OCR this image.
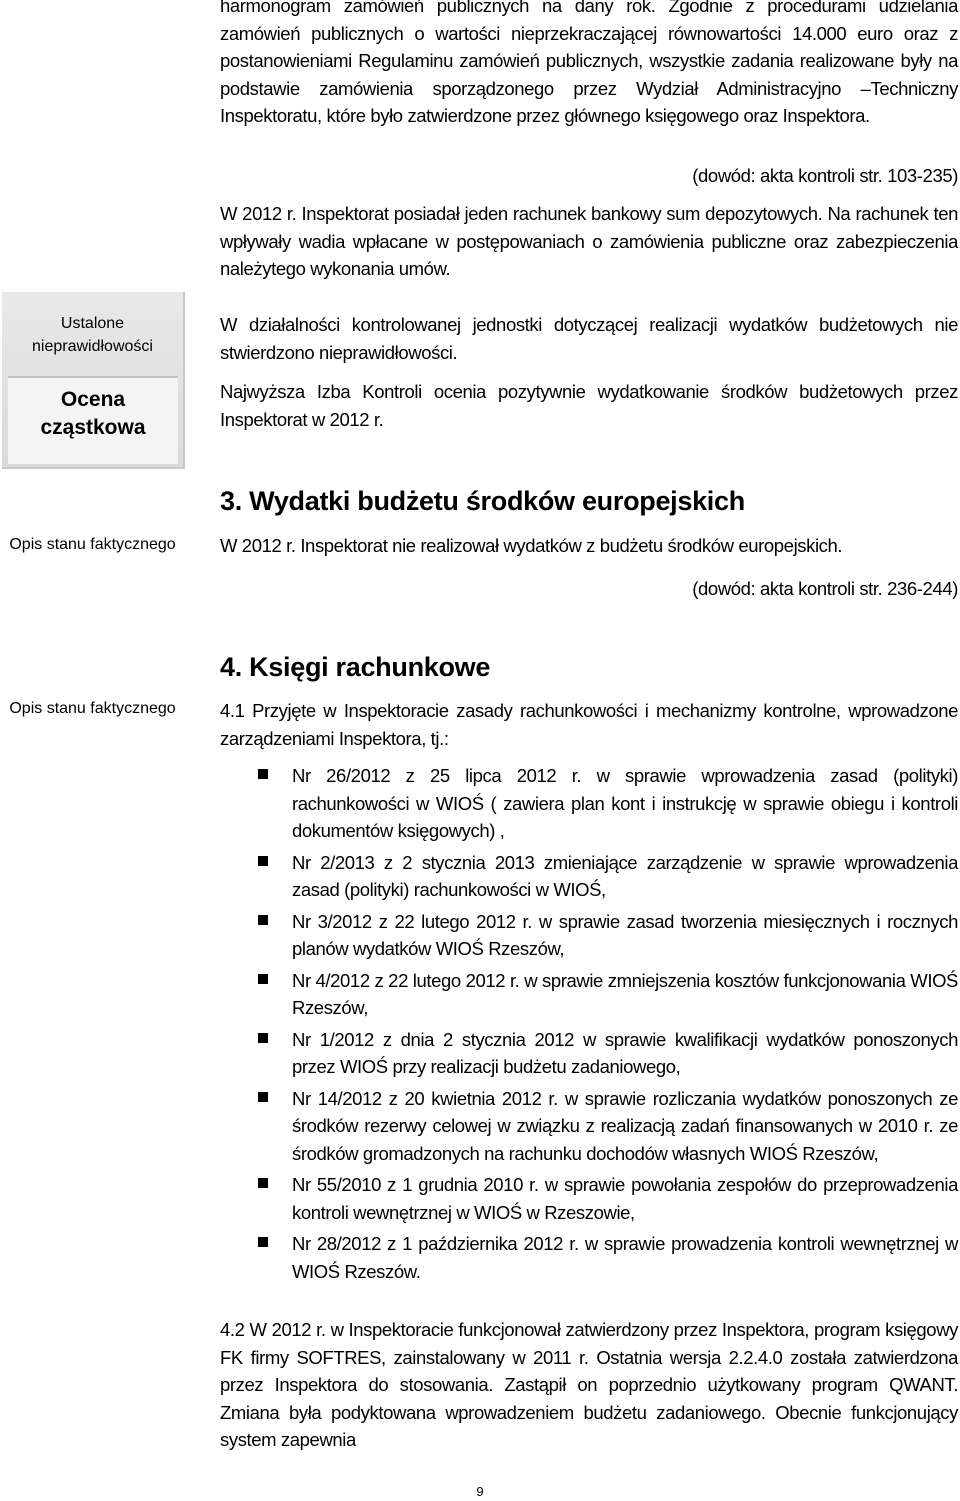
harmonogram zamówień publicznych na dany rok. Zgodnie z procedurami udzielania zamówień publicznych o wartości nieprzekraczającej równowartości 14.000 euro oraz z postanowieniami Regulaminu zamówień publicznych, wszystkie zadania realizowane były na podstawie zamówienia sporządzonego przez Wydział Administracyjno –Techniczny Inspektoratu, które było zatwierdzone przez głównego księgowego oraz Inspektora.

(dowód: akta kontroli str. 103-235)

W 2012 r. Inspektorat posiadał jeden rachunek bankowy sum depozytowych. Na rachunek ten wpływały wadia wpłacane w postępowaniach o zamówienia publiczne oraz zabezpieczenia należytego wykonania umów.

Ustalone nieprawidłowości
Ocena cząstkowa

W działalności kontrolowanej jednostki dotyczącej realizacji wydatków budżetowych nie stwierdzono nieprawidłowości.

Najwyższa Izba Kontroli ocenia pozytywnie wydatkowanie środków budżetowych przez Inspektorat w 2012 r.

Opis stanu faktycznego
3. Wydatki budżetu środków europejskich

W 2012 r. Inspektorat nie realizował wydatków z budżetu środków europejskich.

(dowód: akta kontroli str. 236-244)

Opis stanu faktycznego
4. Księgi rachunkowe

4.1 Przyjęte w Inspektoracie zasady rachunkowości i mechanizmy kontrolne, wprowadzone zarządzeniami Inspektora, tj.:

Nr 26/2012 z 25 lipca 2012 r. w sprawie wprowadzenia zasad (polityki) rachunkowości w WIOŚ ( zawiera plan kont i instrukcję w sprawie obiegu i kontroli dokumentów księgowych) ,
Nr 2/2013 z 2 stycznia 2013 zmieniające zarządzenie w sprawie wprowadzenia zasad (polityki) rachunkowości w WIOŚ,
Nr 3/2012 z 22 lutego 2012 r. w sprawie zasad tworzenia miesięcznych i rocznych planów wydatków WIOŚ Rzeszów,
Nr 4/2012 z 22 lutego 2012 r. w sprawie zmniejszenia kosztów funkcjonowania WIOŚ Rzeszów,
Nr 1/2012 z dnia 2 stycznia 2012 w sprawie kwalifikacji wydatków ponoszonych przez WIOŚ przy realizacji budżetu zadaniowego,
Nr 14/2012 z 20 kwietnia 2012 r. w sprawie rozliczania wydatków ponoszonych ze środków rezerwy celowej w związku z realizacją zadań finansowanych w 2010 r. ze środków gromadzonych na rachunku dochodów własnych WIOŚ Rzeszów,
Nr 55/2010 z 1 grudnia 2010 r. w sprawie powołania zespołów do przeprowadzenia kontroli wewnętrznej w WIOŚ w Rzeszowie,
Nr 28/2012 z 1 października 2012 r. w sprawie prowadzenia kontroli wewnętrznej w WIOŚ Rzeszów.

4.2 W 2012 r. w Inspektoracie funkcjonował zatwierdzony przez Inspektora, program księgowy FK firmy SOFTRES, zainstalowany w 2011 r. Ostatnia wersja 2.2.4.0 została zatwierdzona przez Inspektora do stosowania. Zastąpił on poprzednio użytkowany program QWANT. Zmiana była podyktowana wprowadzeniem budżetu zadaniowego. Obecnie funkcjonujący system zapewnia

9
